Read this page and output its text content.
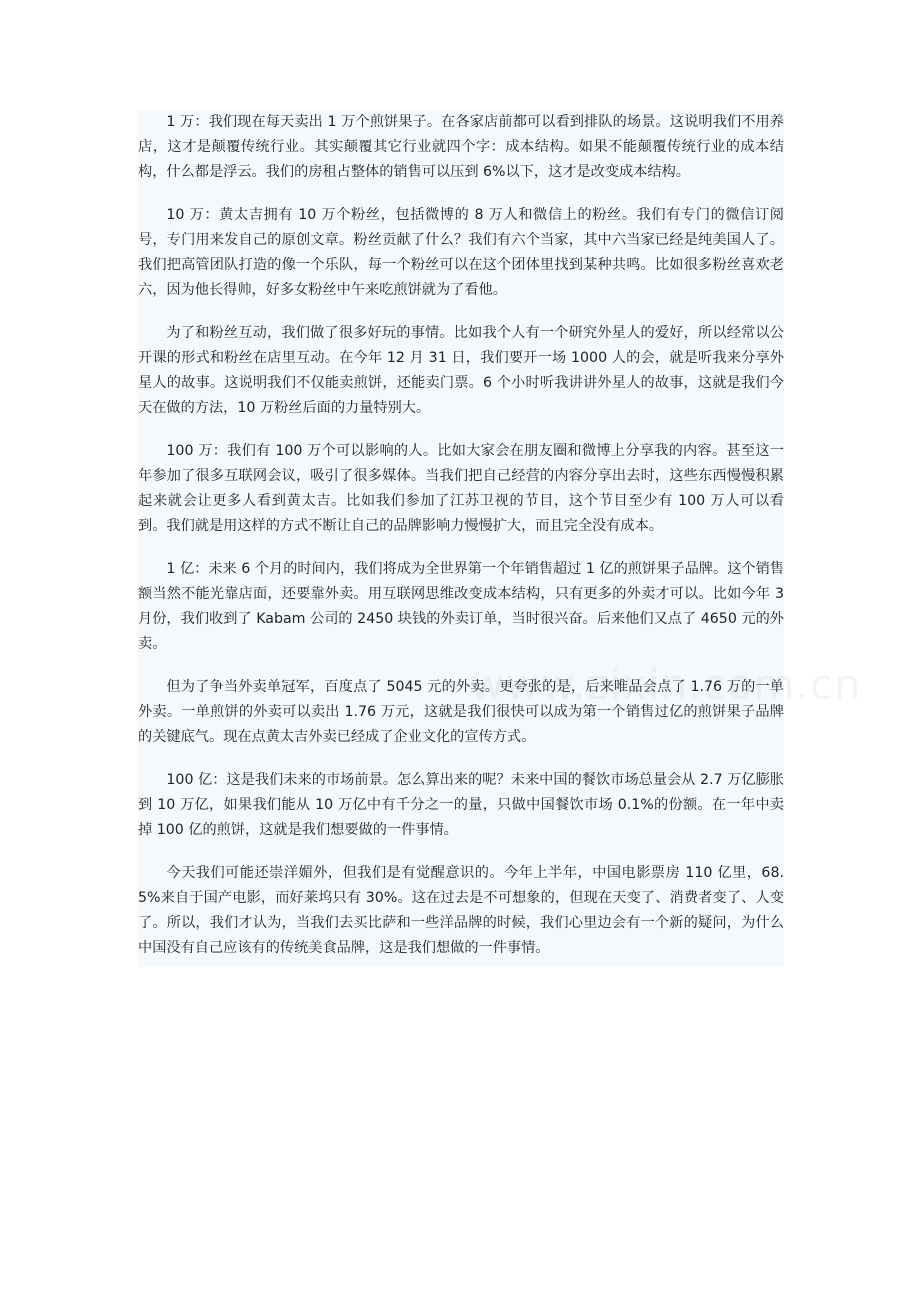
1 万：我们现在每天卖出 1 万个煎饼果子。在各家店前都可以看到排队的场景。这说明我们不用养店，这才是颠覆传统行业。其实颠覆其它行业就四个字：成本结构。如果不能颠覆传统行业的成本结构，什么都是浮云。我们的房租占整体的销售可以压到 6%以下，这才是改变成本结构。

10 万：黄太吉拥有 10 万个粉丝，包括微博的 8 万人和微信上的粉丝。我们有专门的微信订阅号，专门用来发自己的原创文章。粉丝贡献了什么？我们有六个当家，其中六当家已经是纯美国人了。我们把高管团队打造的像一个乐队，每一个粉丝可以在这个团体里找到某种共鸣。比如很多粉丝喜欢老六，因为他长得帅，好多女粉丝中午来吃煎饼就为了看他。

为了和粉丝互动，我们做了很多好玩的事情。比如我个人有一个研究外星人的爱好，所以经常以公开课的形式和粉丝在店里互动。在今年 12 月 31 日，我们要开一场 1000 人的会，就是听我来分享外星人的故事。这说明我们不仅能卖煎饼，还能卖门票。6 个小时听我讲讲外星人的故事，这就是我们今天在做的方法，10 万粉丝后面的力量特别大。

100 万：我们有 100 万个可以影响的人。比如大家会在朋友圈和微博上分享我的内容。甚至这一年参加了很多互联网会议，吸引了很多媒体。当我们把自己经营的内容分享出去时，这些东西慢慢积累起来就会让更多人看到黄太吉。比如我们参加了江苏卫视的节目，这个节目至少有 100 万人可以看到。我们就是用这样的方式不断让自己的品牌影响力慢慢扩大，而且完全没有成本。

1 亿：未来 6 个月的时间内，我们将成为全世界第一个年销售超过 1 亿的煎饼果子品牌。这个销售额当然不能光靠店面，还要靠外卖。用互联网思维改变成本结构，只有更多的外卖才可以。比如今年 3 月份，我们收到了 Kabam 公司的 2450 块钱的外卖订单，当时很兴奋。后来他们又点了 4650 元的外卖。

但为了争当外卖单冠军，百度点了 5045 元的外卖。更夸张的是，后来唯品会点了 1.76 万的一单外卖。一单煎饼的外卖可以卖出 1.76 万元，这就是我们很快可以成为第一个销售过亿的煎饼果子品牌的关键底气。现在点黄太吉外卖已经成了企业文化的宣传方式。

100 亿：这是我们未来的市场前景。怎么算出来的呢？未来中国的餐饮市场总量会从 2.7 万亿膨胀到 10 万亿，如果我们能从 10 万亿中有千分之一的量，只做中国餐饮市场 0.1%的份额。在一年中卖掉 100 亿的煎饼，这就是我们想要做的一件事情。

今天我们可能还崇洋媚外，但我们是有觉醒意识的。今年上半年，中国电影票房 110 亿里，68.5%来自于国产电影，而好莱坞只有 30%。这在过去是不可想象的，但现在天变了、消费者变了、人变了。所以，我们才认为，当我们去买比萨和一些洋品牌的时候，我们心里边会有一个新的疑问，为什么中国没有自己应该有的传统美食品牌，这是我们想做的一件事情。
